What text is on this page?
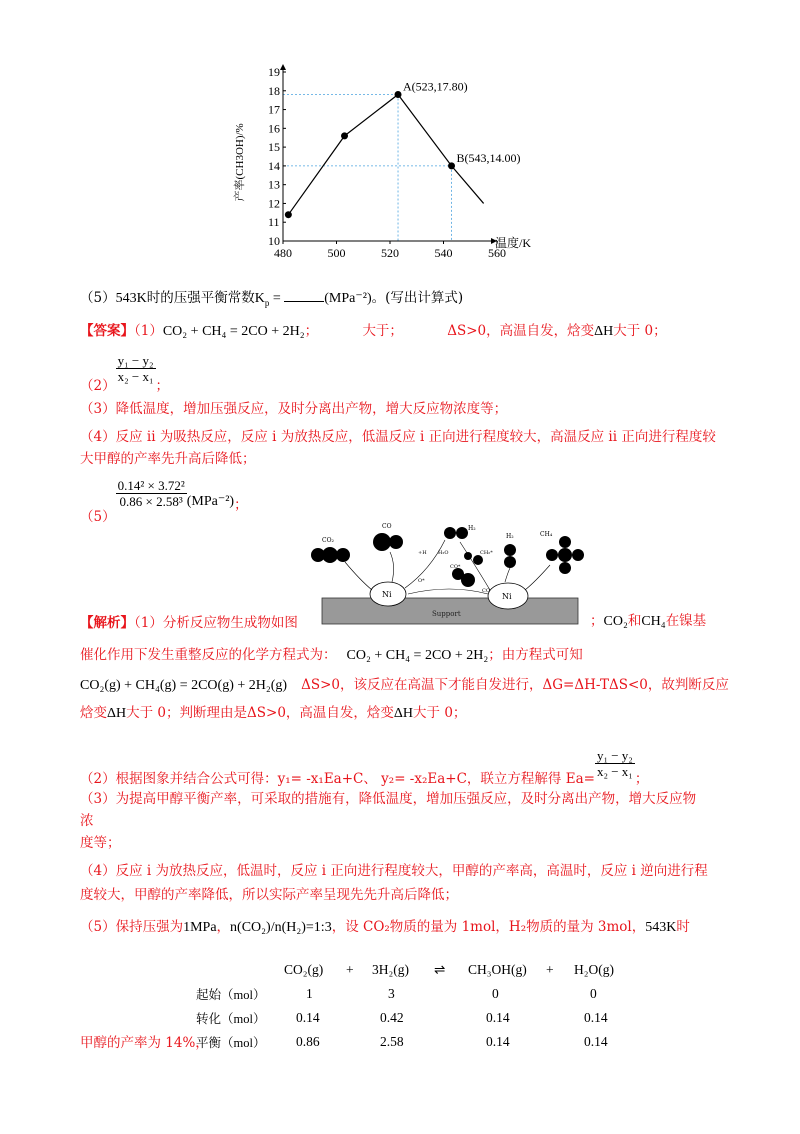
480	500	520	540	560
10
11
12
13
14
15
16
17
18
19
A(523,17.80)
B(543,14.00)
温度/K
产率(CH3OH)/%
（5）543K时的压强平衡常数$K_p$ =	(MPa⁻²)。(写出计算式)
【答案】（1）CO₂ + CH₄ = 2CO + 2H₂；	大于；	ΔS>0，高温自发，焓变ΔH大于 0；
（2）
$\frac{\text{y₁ − y₂}}{\text{x₂ − x₁}}$
；
（3）降低温度，增加压强反应，及时分离出产物，增大反应物浓度等；
（4）反应 ii 为吸热反应，反应 i 为放热反应，低温反应 i 正向进行程度较大，高温反应 ii 正向进行程度较
大甲醇的产率先升高后降低；
（5）
$\frac{\text{0.14² × 3.72²}}{\text{0.86 × 2.58³}} (MPa^{-2})$；
Support
Ni	Ni
CO₂
CO	H₂
H₂	CH₄
+H H₂O	CH₂*
CO*
O*
CO
【解析】（1）分析反应物生成物如图	；CO₂和CH₄在镍基
催化作用下发生重整反应的化学方程式为： CO₂ + CH₄ = 2CO + 2H₂；由方程式可知
CO₂(g) + CH₄(g) = 2CO(g) + 2H₂(g) ΔS>0，该反应在高温下才能自发进行，ΔG=ΔH-TΔS<0，故判断反应
焓变ΔH大于 0；判断理由是ΔS>0，高温自发，焓变ΔH大于 0；
（2）根据图象并结合公式可得：y₁= -x₁Ea+C、 y₂= -x₂Ea+C，联立方程解得 $Ea= \frac{\text{y₁ − y₂}}{\text{x₂ − x₁}}$ ；
（3）为提高甲醇平衡产率，可采取的措施有，降低温度，增加压强反应，及时分离出产物，增大反应物
浓
度等；
（4）反应 i 为放热反应，低温时，反应 i 正向进行程度较大，甲醇的产率高，高温时，反应 i 逆向进行程
度较大，甲醇的产率降低，所以实际产率呈现先先升高后降低；
（5）保持压强为1MPa，n(CO₂)/n(H₂)=1:3，设 CO₂物质的量为 1mol，H₂物质的量为 3mol，543K时
	CO₂(g)	+	3H₂(g)	⇌	CH₃OH(g)	+	H₂O(g)
起始（mol）	1		3		0		0
转化（mol）	0.14		0.42		0.14		0.14
平衡（mol）	0.86		2.58		0.14		0.14
甲醇的产率为 14%，
